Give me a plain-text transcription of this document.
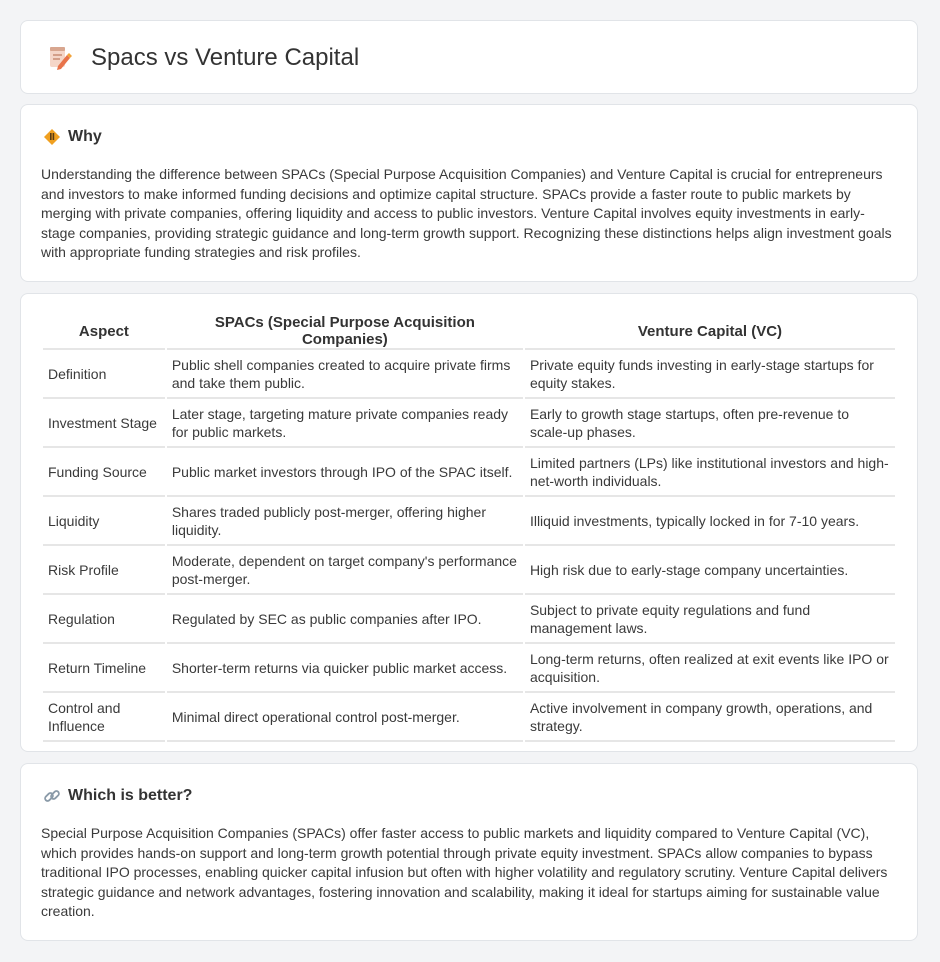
Spacs vs Venture Capital
Why

Understanding the difference between SPACs (Special Purpose Acquisition Companies) and Venture Capital is crucial for entrepreneurs and investors to make informed funding decisions and optimize capital structure. SPACs provide a faster route to public markets by merging with private companies, offering liquidity and access to public investors. Venture Capital involves equity investments in early-stage companies, providing strategic guidance and long-term growth support. Recognizing these distinctions helps align investment goals with appropriate funding strategies and risk profiles.

Aspect	SPACs (Special Purpose Acquisition Companies)	Venture Capital (VC)
Definition	Public shell companies created to acquire private firms and take them public.	Private equity funds investing in early-stage startups for equity stakes.
Investment Stage	Later stage, targeting mature private companies ready for public markets.	Early to growth stage startups, often pre-revenue to scale-up phases.
Funding Source	Public market investors through IPO of the SPAC itself.	Limited partners (LPs) like institutional investors and high-net-worth individuals.
Liquidity	Shares traded publicly post-merger, offering higher liquidity.	Illiquid investments, typically locked in for 7-10 years.
Risk Profile	Moderate, dependent on target company's performance post-merger.	High risk due to early-stage company uncertainties.
Regulation	Regulated by SEC as public companies after IPO.	Subject to private equity regulations and fund management laws.
Return Timeline	Shorter-term returns via quicker public market access.	Long-term returns, often realized at exit events like IPO or acquisition.
Control and Influence	Minimal direct operational control post-merger.	Active involvement in company growth, operations, and strategy.
Which is better?

Special Purpose Acquisition Companies (SPACs) offer faster access to public markets and liquidity compared to Venture Capital (VC), which provides hands-on support and long-term growth potential through private equity investment. SPACs allow companies to bypass traditional IPO processes, enabling quicker capital infusion but often with higher volatility and regulatory scrutiny. Venture Capital delivers strategic guidance and network advantages, fostering innovation and scalability, making it ideal for startups aiming for sustainable value creation.
